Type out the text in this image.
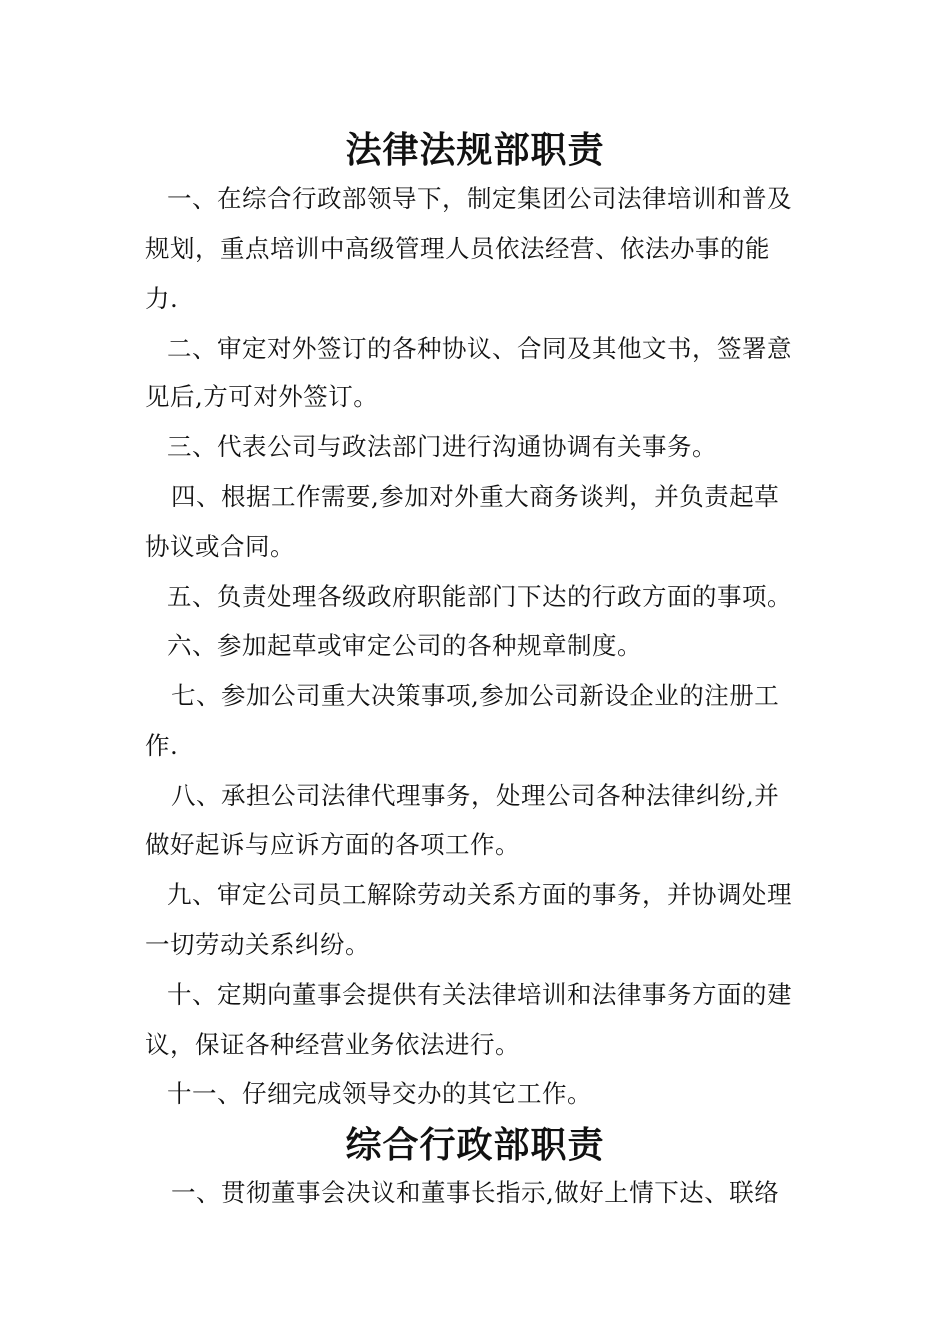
法律法规部职责
一、在综合行政部领导下，制定集团公司法律培训和普及
规划，重点培训中高级管理人员依法经营、依法办事的能
力.
二、审定对外签订的各种协议、合同及其他文书，签署意
见后,方可对外签订。
三、代表公司与政法部门进行沟通协调有关事务。
四、根据工作需要,参加对外重大商务谈判，并负责起草
协议或合同。
五、负责处理各级政府职能部门下达的行政方面的事项。
六、参加起草或审定公司的各种规章制度。
七、参加公司重大决策事项,参加公司新设企业的注册工
作.
八、承担公司法律代理事务，处理公司各种法律纠纷,并
做好起诉与应诉方面的各项工作。
九、审定公司员工解除劳动关系方面的事务，并协调处理
一切劳动关系纠纷。
十、定期向董事会提供有关法律培训和法律事务方面的建
议，保证各种经营业务依法进行。
十一、仔细完成领导交办的其它工作。
综合行政部职责
一、贯彻董事会决议和董事长指示,做好上情下达、联络
